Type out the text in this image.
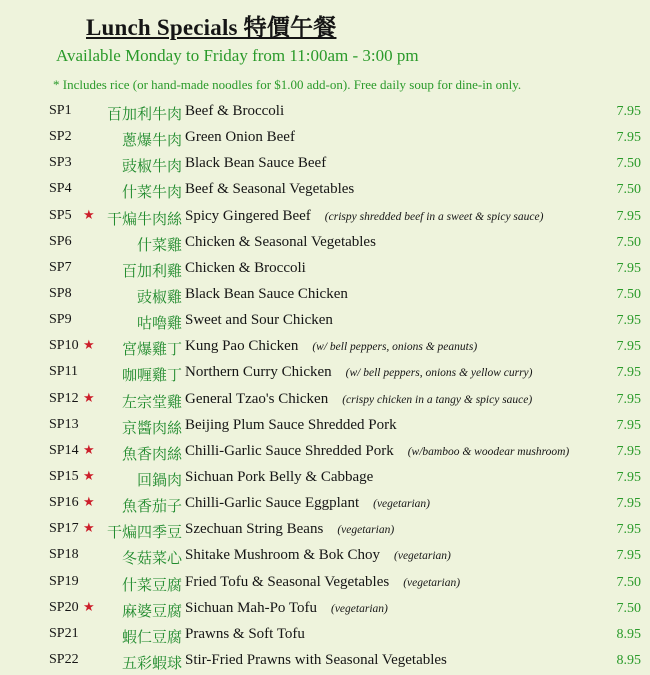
Lunch Specials 特價午餐
Available Monday to Friday from 11:00am - 3:00 pm
* Includes rice (or hand-made noodles for $1.00 add-on). Free daily soup for dine-in only.
SP1	百加利牛肉 Beef & Broccoli	7.95
SP2	蔥爆牛肉 Green Onion Beef	7.95
SP3	豉椒牛肉 Black Bean Sauce Beef	7.50
SP4	什菜牛肉 Beef & Seasonal Vegetables	7.50
SP5 ★ 干煸牛肉絲 Spicy Gingered Beef (crispy shredded beef in a sweet & spicy sauce)	7.95
SP6	什菜雞 Chicken & Seasonal Vegetables	7.50
SP7	百加利雞 Chicken & Broccoli	7.95
SP8	豉椒雞 Black Bean Sauce Chicken	7.50
SP9	咕嚕雞 Sweet and Sour Chicken	7.95
SP10 ★ 宮爆雞丁 Kung Pao Chicken (w/ bell peppers, onions & peanuts)	7.95
SP11	咖喱雞丁 Northern Curry Chicken (w/ bell peppers, onions & yellow curry)	7.95
SP12 ★ 左宗堂雞 General Tzao's Chicken (crispy chicken in a tangy & spicy sauce)	7.95
SP13	京醬肉絲 Beijing Plum Sauce Shredded Pork	7.95
SP14 ★ 魚香肉絲 Chilli-Garlic Sauce Shredded Pork (w/bamboo & woodear mushroom)	7.95
SP15 ★	回鍋肉 Sichuan Pork Belly & Cabbage	7.95
SP16 ★ 魚香茄子 Chilli-Garlic Sauce Eggplant (vegetarian)	7.95
SP17 ★ 干煸四季豆 Szechuan String Beans (vegetarian)	7.95
SP18	冬菇菜心 Shitake Mushroom & Bok Choy (vegetarian)	7.95
SP19	什菜豆腐 Fried Tofu & Seasonal Vegetables (vegetarian)	7.50
SP20 ★ 麻婆豆腐 Sichuan Mah-Po Tofu (vegetarian)	7.50
SP21	蝦仁豆腐 Prawns & Soft Tofu	8.95
SP22	五彩蝦球 Stir-Fried Prawns with Seasonal Vegetables	8.95
